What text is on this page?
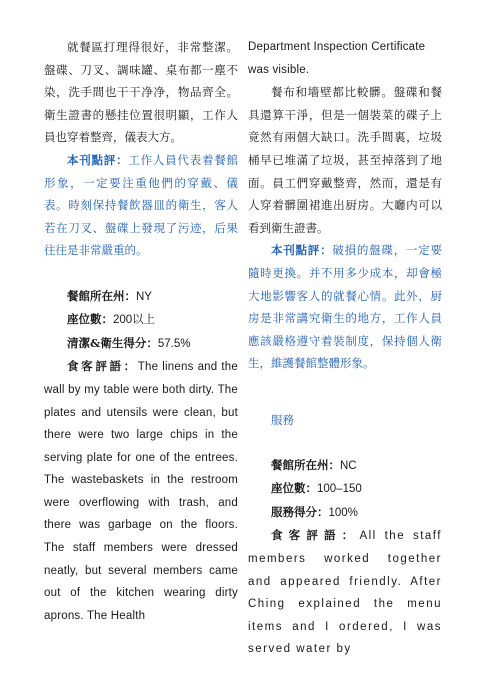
就餐區打理得很好，非常整潔。盤碟、刀叉、調味罐、桌布都一塵不染，洗手間也干干净净，物品齊全。衛生證書的懸挂位置很明顯，工作人員也穿着整齊，儀表大方。

本刊點評：工作人員代表着餐館形象，一定要注重他們的穿戴、儀表。時刻保持餐飲器皿的衛生，客人若在刀叉、盤碟上發現了污迹，后果往往是非常嚴重的。

餐館所在州：NY

座位數：200以上

清潔&衛生得分：57.5%

食客評語：The linens and the wall by my table were both dirty. The plates and utensils were clean, but there were two large chips in the serving plate for one of the entrees. The wastebaskets in the restroom were overflowing with trash, and there was garbage on the floors. The staff members were dressed neatly, but several members came out of the kitchen wearing dirty aprons. The Health

Department Inspection Certificate was visible.

餐布和墻壁都比較髒。盤碟和餐具還算干淨，但是一個裝菜的碟子上竟然有兩個大缺口。洗手間裏，垃圾桶早已堆滿了垃圾，甚至掉落到了地面。員工們穿戴整齊，然而，還是有人穿着髒圍裙進出厨房。大廳内可以看到衛生證書。

本刊點評：破損的盤碟，一定要隨時更換。并不用多少成本，却會極大地影響客人的就餐心情。此外，厨房是非常講究衛生的地方，工作人員應該嚴格遵守着裝制度，保持個人衛生，維護餐館整體形象。

服務

餐館所在州：NC

座位數：100–150

服務得分：100%

食客評語：All the staff members worked together and appeared friendly. After Ching explained the menu items and I ordered, I was served water by
